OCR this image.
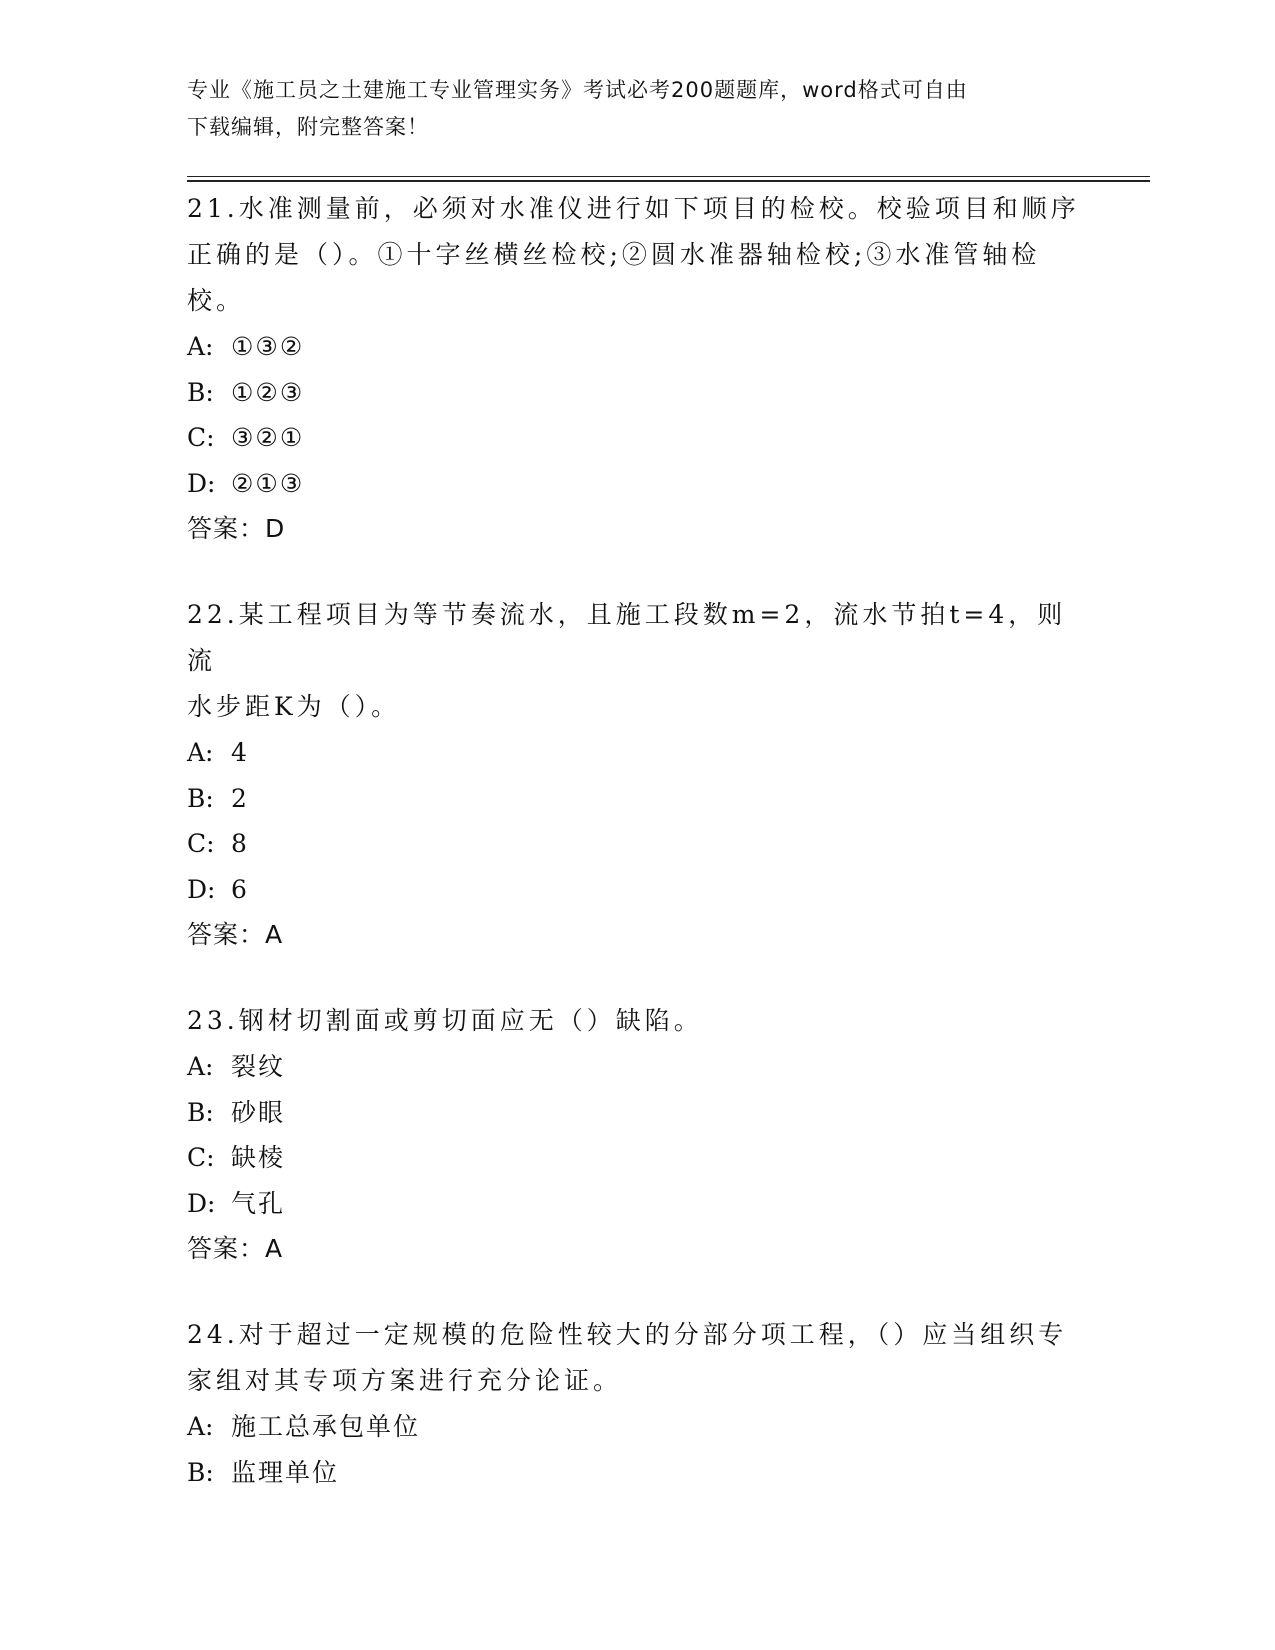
专业《施工员之土建施工专业管理实务》考试必考200题题库，word格式可自由
下载编辑，附完整答案！

21.水准测量前，必须对水准仪进行如下项目的检校。校验项目和顺序
正确的是（）。①十字丝横丝检校;②圆水准器轴检校;③水准管轴检
校。

A: ①③②

B: ①②③

C: ③②①

D: ②①③

答案：D

22.某工程项目为等节奏流水，且施工段数m=2，流水节拍t=4，则流
水步距K为（）。

A: 4

B: 2

C: 8

D: 6

答案：A

23.钢材切割面或剪切面应无（）缺陷。

A: 裂纹

B: 砂眼

C: 缺棱

D: 气孔

答案：A

24.对于超过一定规模的危险性较大的分部分项工程，（）应当组织专
家组对其专项方案进行充分论证。

A: 施工总承包单位

B: 监理单位
